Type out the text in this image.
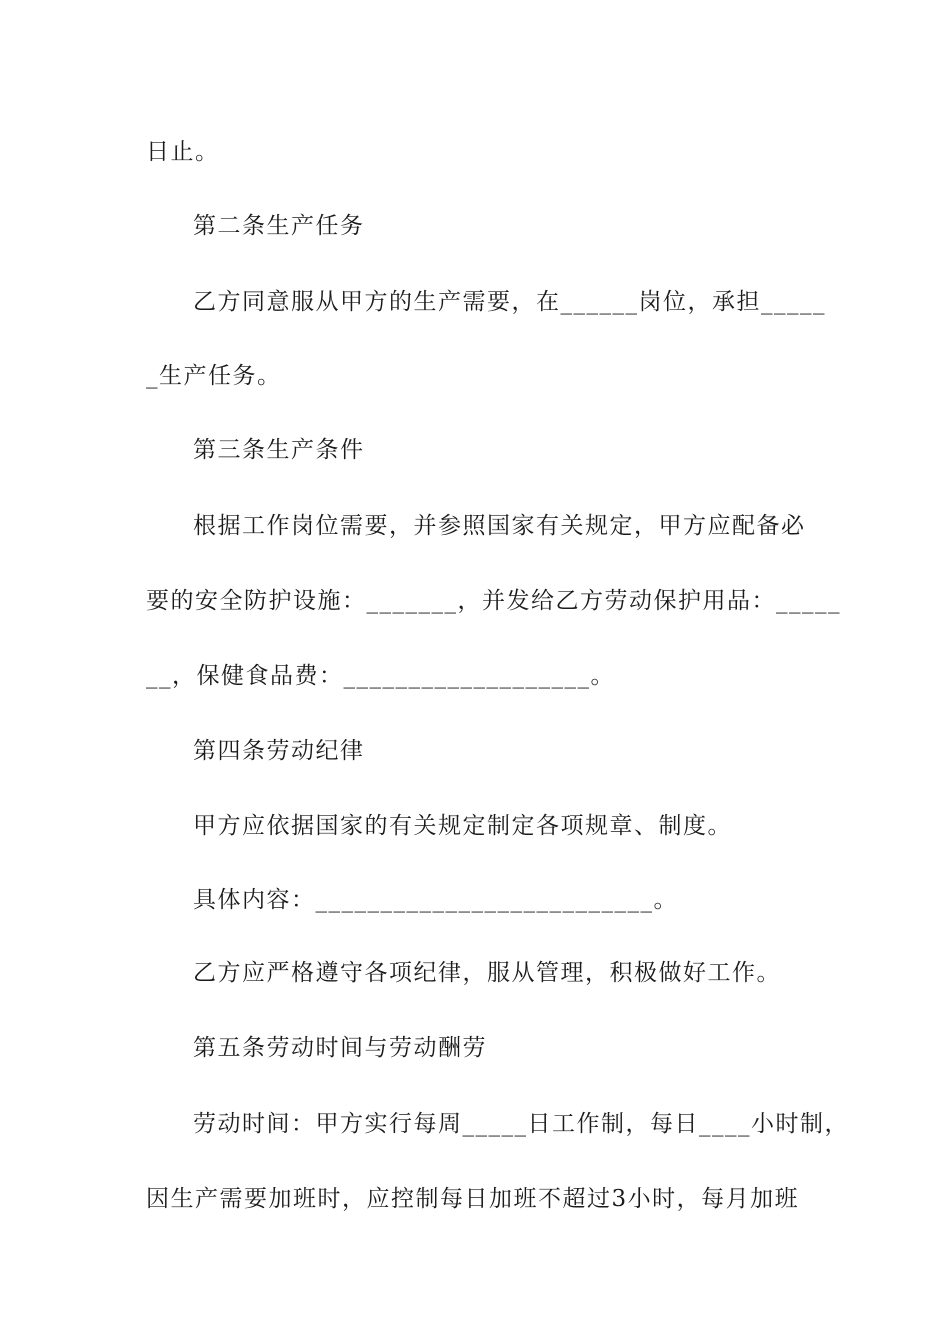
日止。
第二条生产任务
乙方同意服从甲方的生产需要，在______岗位，承担_____
_生产任务。
第三条生产条件
根据工作岗位需要，并参照国家有关规定，甲方应配备必
要的安全防护设施：_______，并发给乙方劳动保护用品：_____
__，保健食品费：___________________。
第四条劳动纪律
甲方应依据国家的有关规定制定各项规章、制度。
具体内容：__________________________。
乙方应严格遵守各项纪律，服从管理，积极做好工作。
第五条劳动时间与劳动酬劳
劳动时间：甲方实行每周_____日工作制，每日____小时制，
因生产需要加班时，应控制每日加班不超过3小时，每月加班
